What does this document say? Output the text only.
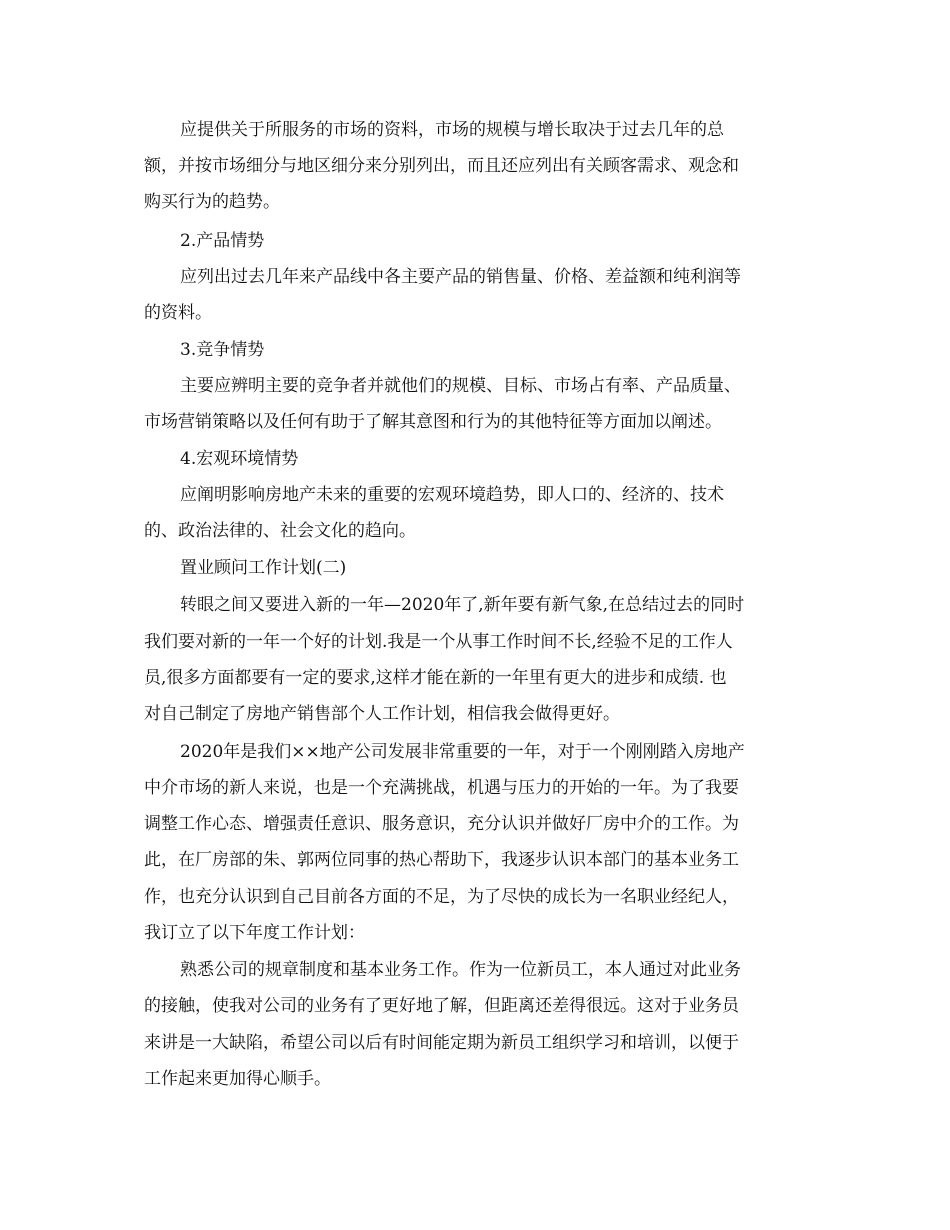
应提供关于所服务的市场的资料，市场的规模与增长取决于过去几年的总
额，并按市场细分与地区细分来分别列出，而且还应列出有关顾客需求、观念和
购买行为的趋势。
2.产品情势
应列出过去几年来产品线中各主要产品的销售量、价格、差益额和纯利润等
的资料。
3.竞争情势
主要应辨明主要的竞争者并就他们的规模、目标、市场占有率、产品质量、
市场营销策略以及任何有助于了解其意图和行为的其他特征等方面加以阐述。
4.宏观环境情势
应阐明影响房地产未来的重要的宏观环境趋势，即人口的、经济的、技术
的、政治法律的、社会文化的趋向。
置业顾问工作计划(二)
转眼之间又要进入新的一年—2020年了,新年要有新气象,在总结过去的同时
我们要对新的一年一个好的计划.我是一个从事工作时间不长,经验不足的工作人
员,很多方面都要有一定的要求,这样才能在新的一年里有更大的进步和成绩. 也
对自己制定了房地产销售部个人工作计划，相信我会做得更好。
2020年是我们××地产公司发展非常重要的一年，对于一个刚刚踏入房地产
中介市场的新人来说，也是一个充满挑战，机遇与压力的开始的一年。为了我要
调整工作心态、增强责任意识、服务意识，充分认识并做好厂房中介的工作。为
此，在厂房部的朱、郭两位同事的热心帮助下，我逐步认识本部门的基本业务工
作，也充分认识到自己目前各方面的不足，为了尽快的成长为一名职业经纪人，
我订立了以下年度工作计划：
熟悉公司的规章制度和基本业务工作。作为一位新员工，本人通过对此业务
的接触，使我对公司的业务有了更好地了解，但距离还差得很远。这对于业务员
来讲是一大缺陷，希望公司以后有时间能定期为新员工组织学习和培训，以便于
工作起来更加得心顺手。
